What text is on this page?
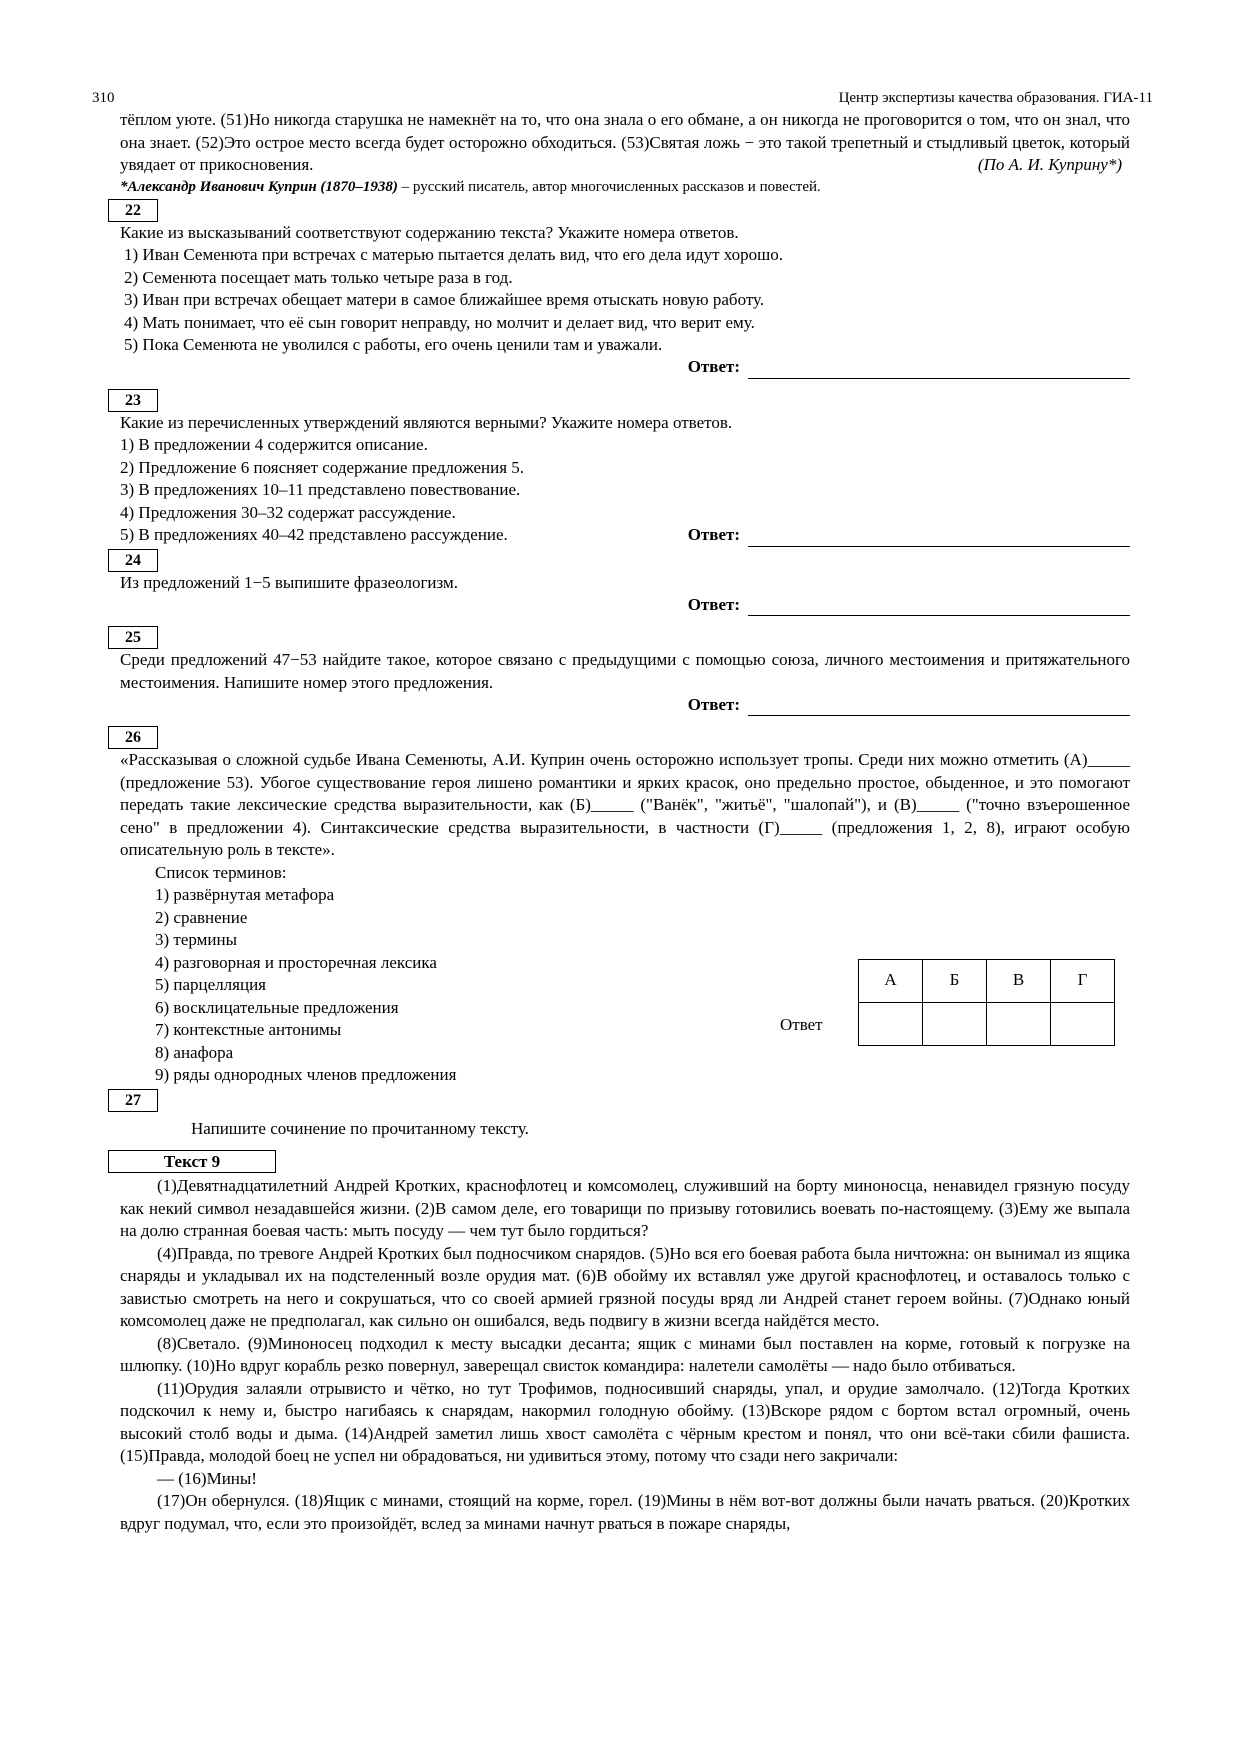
310	Центр экспертизы качества образования. ГИА-11

тёплом уюте. (51)Но никогда старушка не намекнёт на то, что она знала о его обмане, а он никогда не проговорится о том, что он знал, что она знает. (52)Это острое место всегда будет осторожно обходиться. (53)Святая ложь − это такой трепетный и стыдливый цветок, который увядает от прикосновения.	(По А. И. Куприну*)

*Александр Иванович Куприн (1870–1938) – русский писатель, автор многочисленных рассказов и повестей.

22

Какие из высказываний соответствуют содержанию текста? Укажите номера ответов.

1) Иван Семенюта при встречах с матерью пытается делать вид, что его дела идут хорошо.

2) Семенюта посещает мать только четыре раза в год.

3) Иван при встречах обещает матери в самое ближайшее время отыскать новую работу.

4) Мать понимает, что её сын говорит неправду, но молчит и делает вид, что верит ему.

5) Пока Семенюта не уволился с работы, его очень ценили там и уважали.

Ответ:
23

Какие из перечисленных утверждений являются верными? Укажите номера ответов.

1) В предложении 4 содержится описание.

2) Предложение 6 поясняет содержание предложения 5.

3) В предложениях 10–11 представлено повествование.

4) Предложения 30–32 содержат рассуждение.

5) В предложениях 40–42 представлено рассуждение.	Ответ:
24

Из предложений 1−5 выпишите фразеологизм.

Ответ:
25

Среди предложений 47−53 найдите такое, которое связано с предыдущими с помощью союза, личного местоимения и притяжательного местоимения. Напишите номер этого предложения.

Ответ:
26

«Рассказывая о сложной судьбе Ивана Семенюты, А.И. Куприн очень осторожно использует тропы. Среди них можно отметить (А)_____ (предложение 53). Убогое существование героя лишено романтики и ярких красок, оно предельно простое, обыденное, и это помогают передать такие лексические средства выразительности, как (Б)_____ ("Ванёк", "житьё", "шалопай"), и (В)_____ ("точно взъерошенное сено" в предложении 4). Синтаксические средства выразительности, в частности (Г)_____ (предложения 1, 2, 8), играют особую описательную роль в тексте».

Список терминов:

1) развёрнутая метафора

2) сравнение

3) термины

4) разговорная и просторечная лексика

5) парцелляция

6) восклицательные предложения

7) контекстные антонимы

8) анафора

9) ряды однородных членов предложения

Ответ
А	Б	В	Г

27

Напишите сочинение по прочитанному тексту.

Текст 9

(1)Девятнадцатилетний Андрей Кротких, краснофлотец и комсомолец, служивший на борту миноносца, ненавидел грязную посуду как некий символ незадавшейся жизни. (2)В самом деле, его товарищи по призыву готовились воевать по-настоящему. (3)Ему же выпала на долю странная боевая часть: мыть посуду — чем тут было гордиться?

(4)Правда, по тревоге Андрей Кротких был подносчиком снарядов. (5)Но вся его боевая работа была ничтожна: он вынимал из ящика снаряды и укладывал их на подстеленный возле орудия мат. (6)В обойму их вставлял уже другой краснофлотец, и оставалось только с завистью смотреть на него и сокрушаться, что со своей армией грязной посуды вряд ли Андрей станет героем войны. (7)Однако юный комсомолец даже не предполагал, как сильно он ошибался, ведь подвигу в жизни всегда найдётся место.

(8)Светало. (9)Миноносец подходил к месту высадки десанта; ящик с минами был поставлен на корме, готовый к погрузке на шлюпку. (10)Но вдруг корабль резко повернул, заверещал свисток командира: налетели самолёты — надо было отбиваться.

(11)Орудия залаяли отрывисто и чётко, но тут Трофимов, подносивший снаряды, упал, и орудие замолчало. (12)Тогда Кротких подскочил к нему и, быстро нагибаясь к снарядам, накормил голодную обойму. (13)Вскоре рядом с бортом встал огромный, очень высокий столб воды и дыма. (14)Андрей заметил лишь хвост самолёта с чёрным крестом и понял, что они всё-таки сбили фашиста. (15)Правда, молодой боец не успел ни обрадоваться, ни удивиться этому, потому что сзади него закричали:

— (16)Мины!

(17)Он обернулся. (18)Ящик с минами, стоящий на корме, горел. (19)Мины в нём вот-вот должны были начать рваться. (20)Кротких вдруг подумал, что, если это произойдёт, вслед за минами начнут рваться в пожаре снаряды,
